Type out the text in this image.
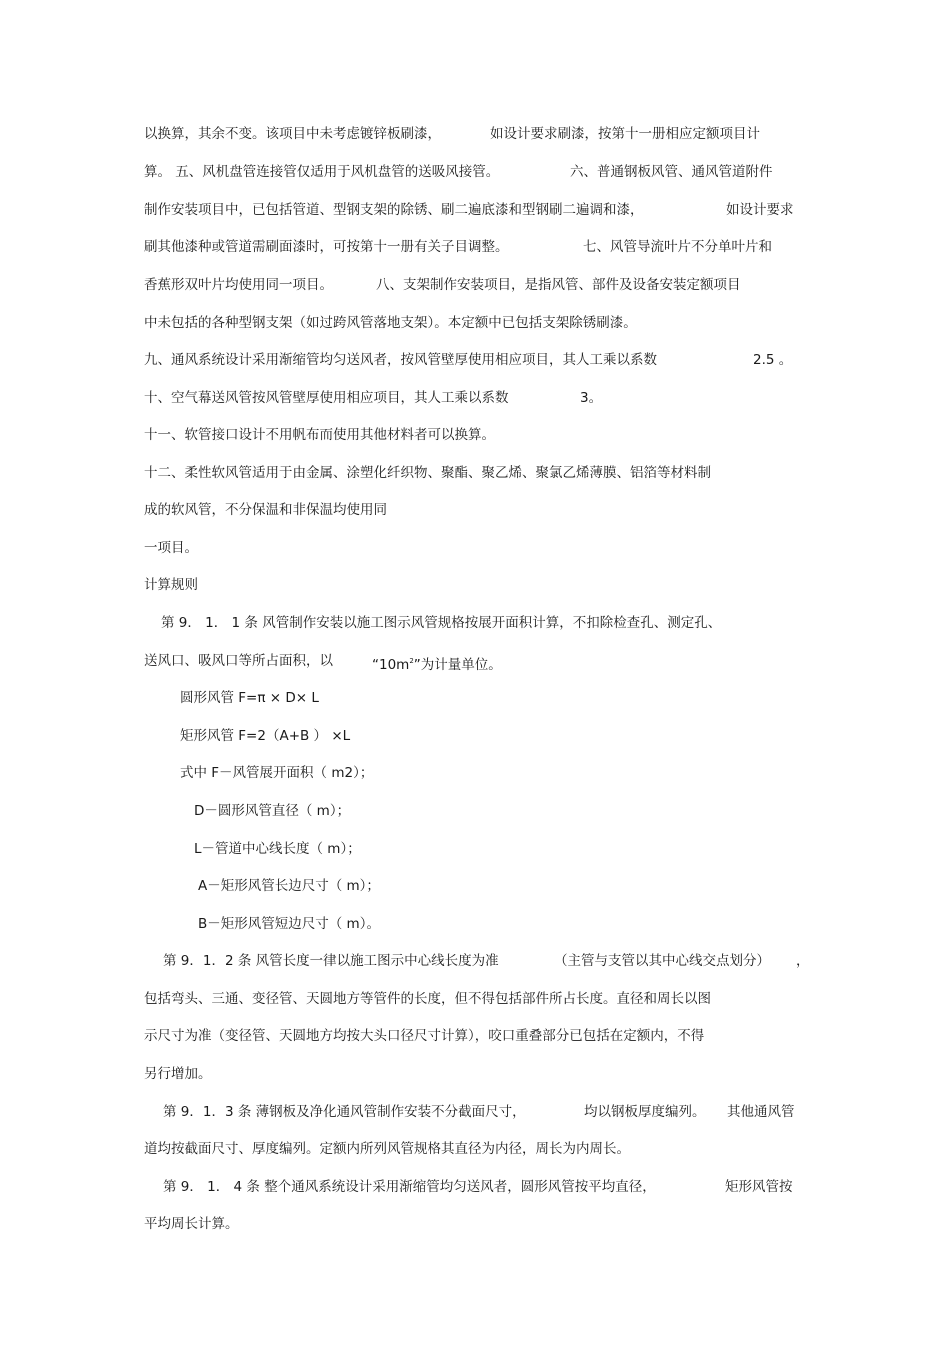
以换算，其余不变。该项目中未考虑镀锌板刷漆，	如设计要求刷漆，按第十一册相应定额项目计
算。 五、风机盘管连接管仅适用于风机盘管的送吸风接管。	六、普通钢板风管、通风管道附件
制作安装项目中，已包括管道、型钢支架的除锈、刷二遍底漆和型钢刷二遍调和漆，	如设计要求
刷其他漆种或管道需刷面漆时，可按第十一册有关子目调整。	七、风管导流叶片不分单叶片和
香蕉形双叶片均使用同一项目。	八、支架制作安装项目，是指风管、部件及设备安装定额项目
中未包括的各种型钢支架（如过跨风管落地支架）。本定额中已包括支架除锈刷漆。
九、通风系统设计采用渐缩管均匀送风者，按风管壁厚使用相应项目，其人工乘以系数	2.5 。
十、空气幕送风管按风管壁厚使用相应项目，其人工乘以系数	3。
十一、软管接口设计不用帆布而使用其他材料者可以换算。
十二、柔性软风管适用于由金属、涂塑化纤织物、聚酯、聚乙烯、聚氯乙烯薄膜、铝箔等材料制
成的软风管，不分保温和非保温均使用同
一项目。
计算规则
第 9． 1． 1 条 风管制作安装以施工图示风管规格按展开面积计算，不扣除检查孔、测定孔、
送风口、吸风口等所占面积，以	“$10m^2$”为计量单位。
圆形风管 F=π × D× L
矩形风管 F=2（A+B ） ×L
式中 F－风管展开面积（ m2）；
D－圆形风管直径（ m）；
L－管道中心线长度（ m）；
A－矩形风管长边尺寸（ m）；
B－矩形风管短边尺寸（ m）。
第 9．1．2 条 风管长度一律以施工图示中心线长度为准	（主管与支管以其中心线交点划分） ，
包括弯头、三通、变径管、天圆地方等管件的长度，但不得包括部件所占长度。直径和周长以图
示尺寸为准（变径管、天圆地方均按大头口径尺寸计算），咬口重叠部分已包括在定额内，不得
另行增加。
第 9．1．3 条 薄钢板及净化通风管制作安装不分截面尺寸，	均以钢板厚度编列。 其他通风管
道均按截面尺寸、厚度编列。定额内所列风管规格其直径为内径，周长为内周长。
第 9． 1． 4 条 整个通风系统设计采用渐缩管均匀送风者，圆形风管按平均直径，	矩形风管按
平均周长计算。
